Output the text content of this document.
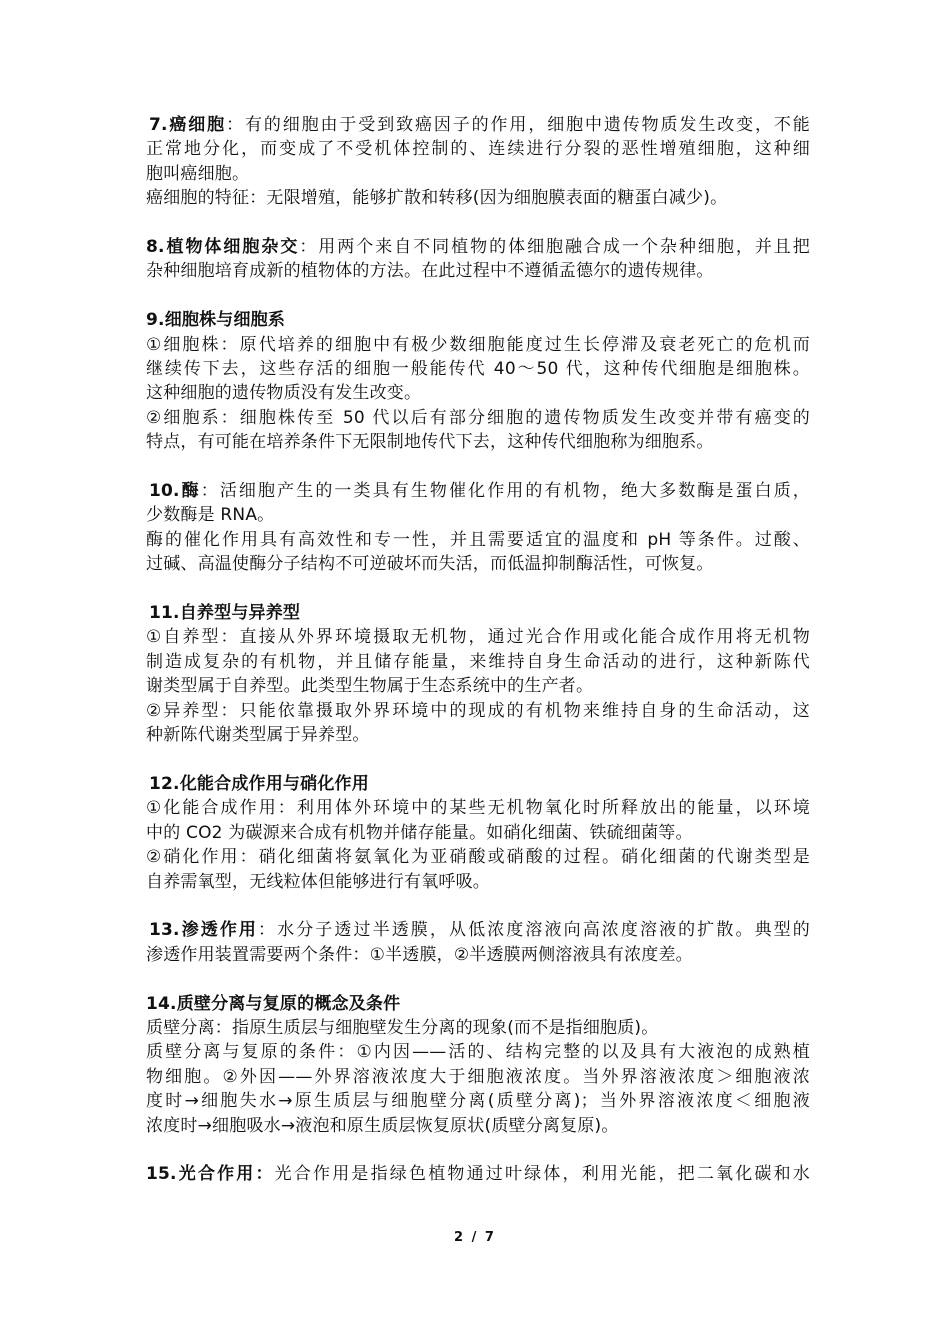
7.癌细胞：有的细胞由于受到致癌因子的作用，细胞中遗传物质发生改变，不能
正常地分化，而变成了不受机体控制的、连续进行分裂的恶性增殖细胞，这种细
胞叫癌细胞。
癌细胞的特征：无限增殖，能够扩散和转移(因为细胞膜表面的糖蛋白减少)。
8.植物体细胞杂交：用两个来自不同植物的体细胞融合成一个杂种细胞，并且把
杂种细胞培育成新的植物体的方法。在此过程中不遵循孟德尔的遗传规律。
9.细胞株与细胞系
①细胞株：原代培养的细胞中有极少数细胞能度过生长停滞及衰老死亡的危机而
继续传下去，这些存活的细胞一般能传代 40～50 代，这种传代细胞是细胞株。
这种细胞的遗传物质没有发生改变。
②细胞系：细胞株传至 50 代以后有部分细胞的遗传物质发生改变并带有癌变的
特点，有可能在培养条件下无限制地传代下去，这种传代细胞称为细胞系。
10.酶：活细胞产生的一类具有生物催化作用的有机物，绝大多数酶是蛋白质，
少数酶是 RNA。
酶的催化作用具有高效性和专一性，并且需要适宜的温度和 pH 等条件。过酸、
过碱、高温使酶分子结构不可逆破坏而失活，而低温抑制酶活性，可恢复。
11.自养型与异养型
①自养型：直接从外界环境摄取无机物，通过光合作用或化能合成作用将无机物
制造成复杂的有机物，并且储存能量，来维持自身生命活动的进行，这种新陈代
谢类型属于自养型。此类型生物属于生态系统中的生产者。
②异养型：只能依靠摄取外界环境中的现成的有机物来维持自身的生命活动，这
种新陈代谢类型属于异养型。
12.化能合成作用与硝化作用
①化能合成作用：利用体外环境中的某些无机物氧化时所释放出的能量，以环境
中的 CO2 为碳源来合成有机物并储存能量。如硝化细菌、铁硫细菌等。
②硝化作用：硝化细菌将氨氧化为亚硝酸或硝酸的过程。硝化细菌的代谢类型是
自养需氧型，无线粒体但能够进行有氧呼吸。
13.渗透作用：水分子透过半透膜，从低浓度溶液向高浓度溶液的扩散。典型的
渗透作用装置需要两个条件：①半透膜，②半透膜两侧溶液具有浓度差。
14.质壁分离与复原的概念及条件
质壁分离：指原生质层与细胞壁发生分离的现象(而不是指细胞质)。
质壁分离与复原的条件：①内因——活的、结构完整的以及具有大液泡的成熟植
物细胞。②外因——外界溶液浓度大于细胞液浓度。当外界溶液浓度＞细胞液浓
度时→细胞失水→原生质层与细胞壁分离(质壁分离)；当外界溶液浓度＜细胞液
浓度时→细胞吸水→液泡和原生质层恢复原状(质壁分离复原)。
15.光合作用：光合作用是指绿色植物通过叶绿体，利用光能，把二氧化碳和水
2 / 7
